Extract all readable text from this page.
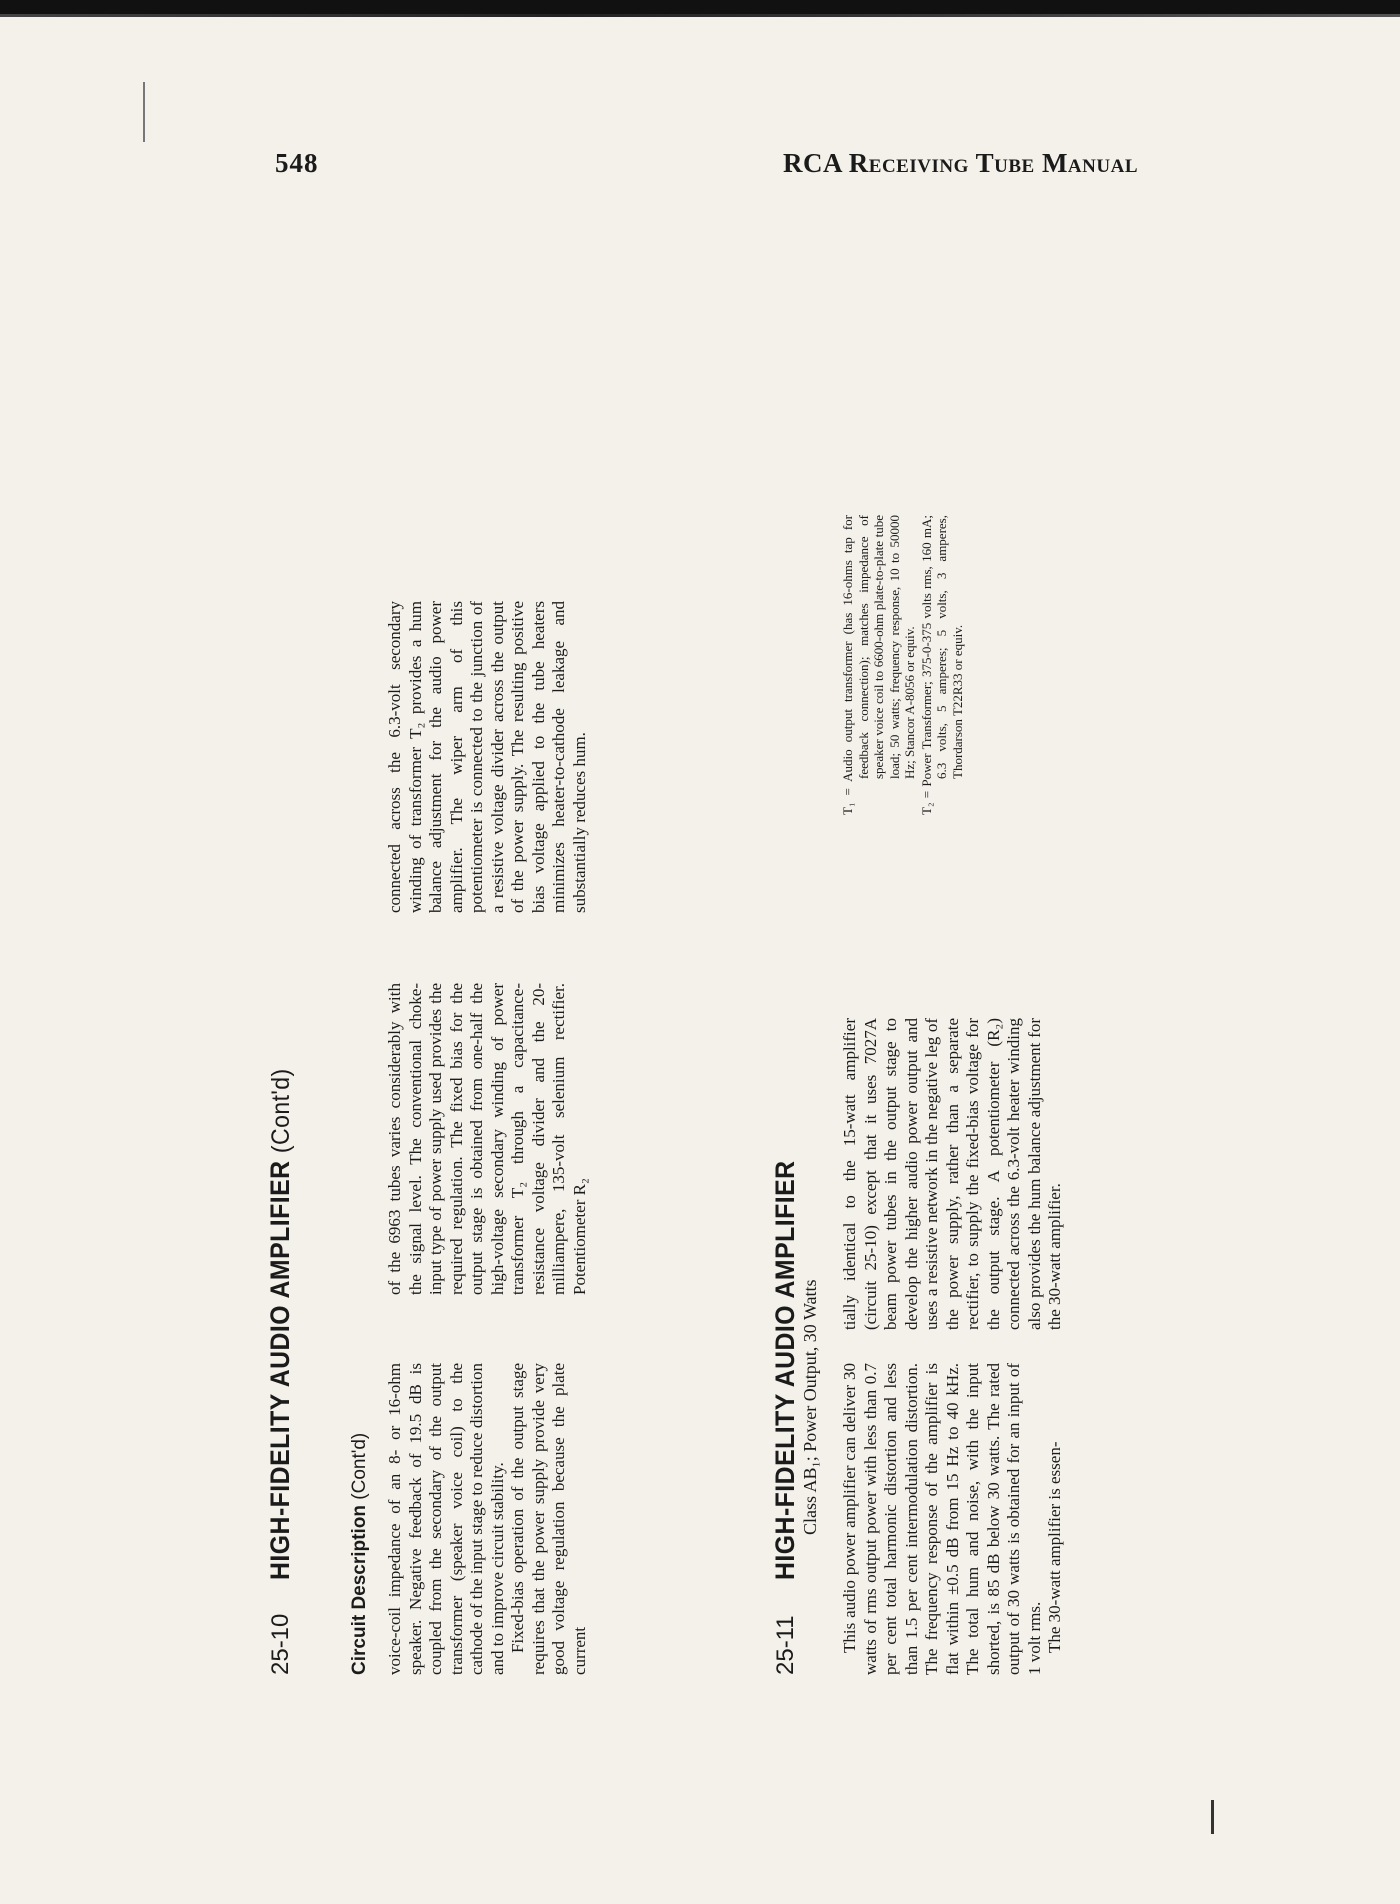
548	RCA Receiving Tube Manual
25-10
HIGH-FIDELITY AUDIO AMPLIFIER (Cont'd)
Circuit Description (Cont'd) voice-coil impedance of an 8- or 16-ohm speaker. Negative feedback of 19.5 dB is coupled from the secondary of the output transformer (speaker voice coil) to the cathode of the input stage to reduce distortion and to improve circuit stability. Fixed-bias operation of the output stage requires that the power supply provide very good voltage regulation because the plate current

of the 6963 tubes varies considerably with the signal level. The conventional choke-input type of power supply used provides the required regulation. The fixed bias for the output stage is obtained from one-half the high-voltage secondary winding of power transformer T₂ through a capacitance-resistance voltage divider and the 20-milliampere, 135-volt selenium rectifier. Potentiometer R₂

connected across the 6.3-volt secondary winding of transformer T₂ provides a hum balance adjustment for the audio power amplifier. The wiper arm of this potentiometer is connected to the junction of a resistive voltage divider across the output of the power supply. The resulting positive bias voltage applied to the tube heaters minimizes heater-to-cathode leakage and substantially reduces hum.

25-11
HIGH-FIDELITY AUDIO AMPLIFIER Class AB₁; Power Output, 30 Watts This audio power amplifier can deliver 30 watts of rms output power with less than 0.7 per cent total harmonic distortion and less than 1.5 per cent intermodulation distortion. The frequency response of the amplifier is flat within ±0.5 dB from 15 Hz to 40 kHz. The total hum and noise, with the input shorted, is 85 dB below 30 watts. The rated output of 30 watts is obtained for an input of 1 volt rms. The 30-watt amplifier is essen-

tially identical to the 15-watt amplifier (circuit 25-10) except that it uses 7027A beam power tubes in the output stage to develop the higher audio power output and uses a resistive network in the negative leg of the power supply, rather than a separate rectifier, to supply the fixed-bias voltage for the output stage. A potentiometer (R₂) connected across the 6.3-volt heater winding also provides the hum balance adjustment for the 30-watt amplifier.

T₁ = Audio output transformer (has 16-ohms tap for feedback connection); matches impedance of speaker voice coil to 6600-ohm plate-to-plate tube load; 50 watts; frequency response, 10 to 50000 Hz; Stancor A-8056 or equiv. T₂ = Power Transformer; 375-0-375 volts rms, 160 mA; 6.3 volts, 5 amperes; 5 volts, 3 amperes, Thordarson T22R33 or equiv.
